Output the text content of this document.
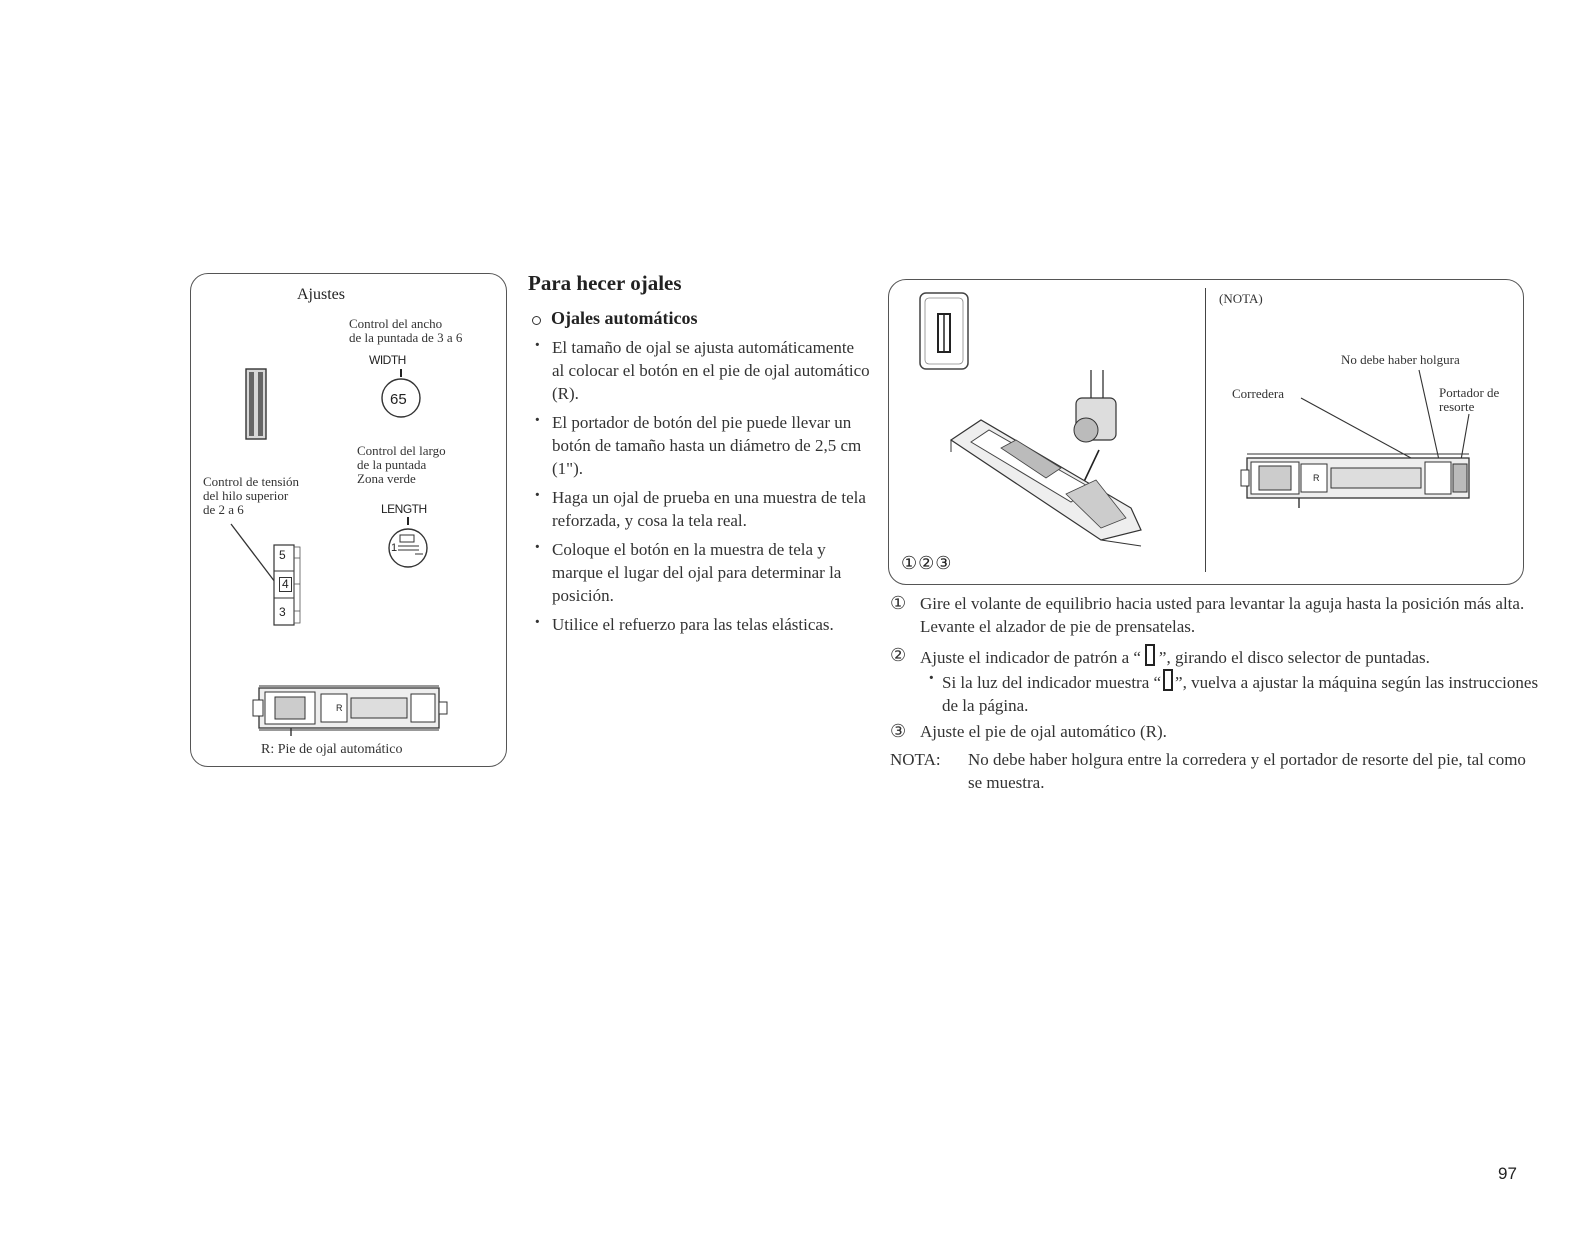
Ajustes
Control del ancho
de la puntada de 3 a 6
WIDTH
65
Control del largo
de la puntada
Zona verde
Control de tensión
del hilo superior
de 2 a 6	LENGTH
1
5
4
3
R
R: Pie de ojal automático
Para hecer ojales
Ojales automáticos
· El tamaño de ojal se ajusta automáticamente al colocar el botón en el pie de ojal automático (R).
· El portador de botón del pie puede llevar un botón de tamaño hasta un diámetro de 2,5 cm (1").
· Haga un ojal de prueba en una muestra de tela reforzada, y cosa la tela real.
· Coloque el botón en la muestra de tela y marque el lugar del ojal para determinar la posición.
· Utilice el refuerzo para las telas elásticas.
①②③
(NOTA)
No debe haber holgura
Corredera	Portador de
resorte
R
① Gire el volante de equilibrio hacia usted para levantar la aguja hasta la posición más alta. Levante el alzador de pie de prensatelas.
② Ajuste el indicador de patrón a “ ”, girando el disco selector de puntadas.
· Si la luz del indicador muestra “ ”, vuelva a ajustar la máquina según las instrucciones de la página.
③ Ajuste el pie de ojal automático (R).
NOTA: No debe haber holgura entre la corredera y el portador de resorte del pie, tal como se muestra.
97
